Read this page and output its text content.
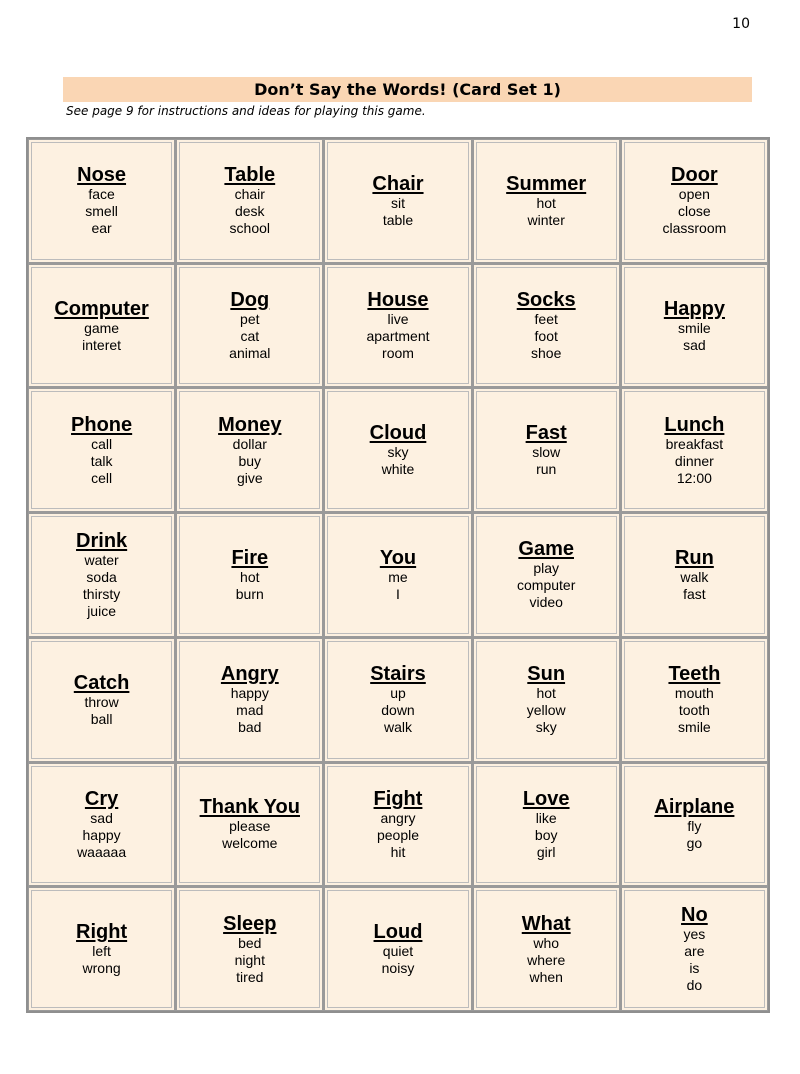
10
Don’t Say the Words! (Card Set 1)
See page 9 for instructions and ideas for playing this game.
Nose
face
smell
ear
Table
chair
desk
school
Chair
sit
table
Summer
hot
winter
Door
open
close
classroom
Computer
game
interet
Dog
pet
cat
animal
House
live
apartment
room
Socks
feet
foot
shoe
Happy
smile
sad
Phone
call
talk
cell
Money
dollar
buy
give
Cloud
sky
white
Fast
slow
run
Lunch
breakfast
dinner
12:00
Drink
water
soda
thirsty
juice
Fire
hot
burn
You
me
I
Game
play
computer
video
Run
walk
fast
Catch
throw
ball
Angry
happy
mad
bad
Stairs
up
down
walk
Sun
hot
yellow
sky
Teeth
mouth
tooth
smile
Cry
sad
happy
waaaaa
Thank You
please
welcome
Fight
angry
people
hit
Love
like
boy
girl
Airplane
fly
go
Right
left
wrong
Sleep
bed
night
tired
Loud
quiet
noisy
What
who
where
when
No
yes
are
is
do
